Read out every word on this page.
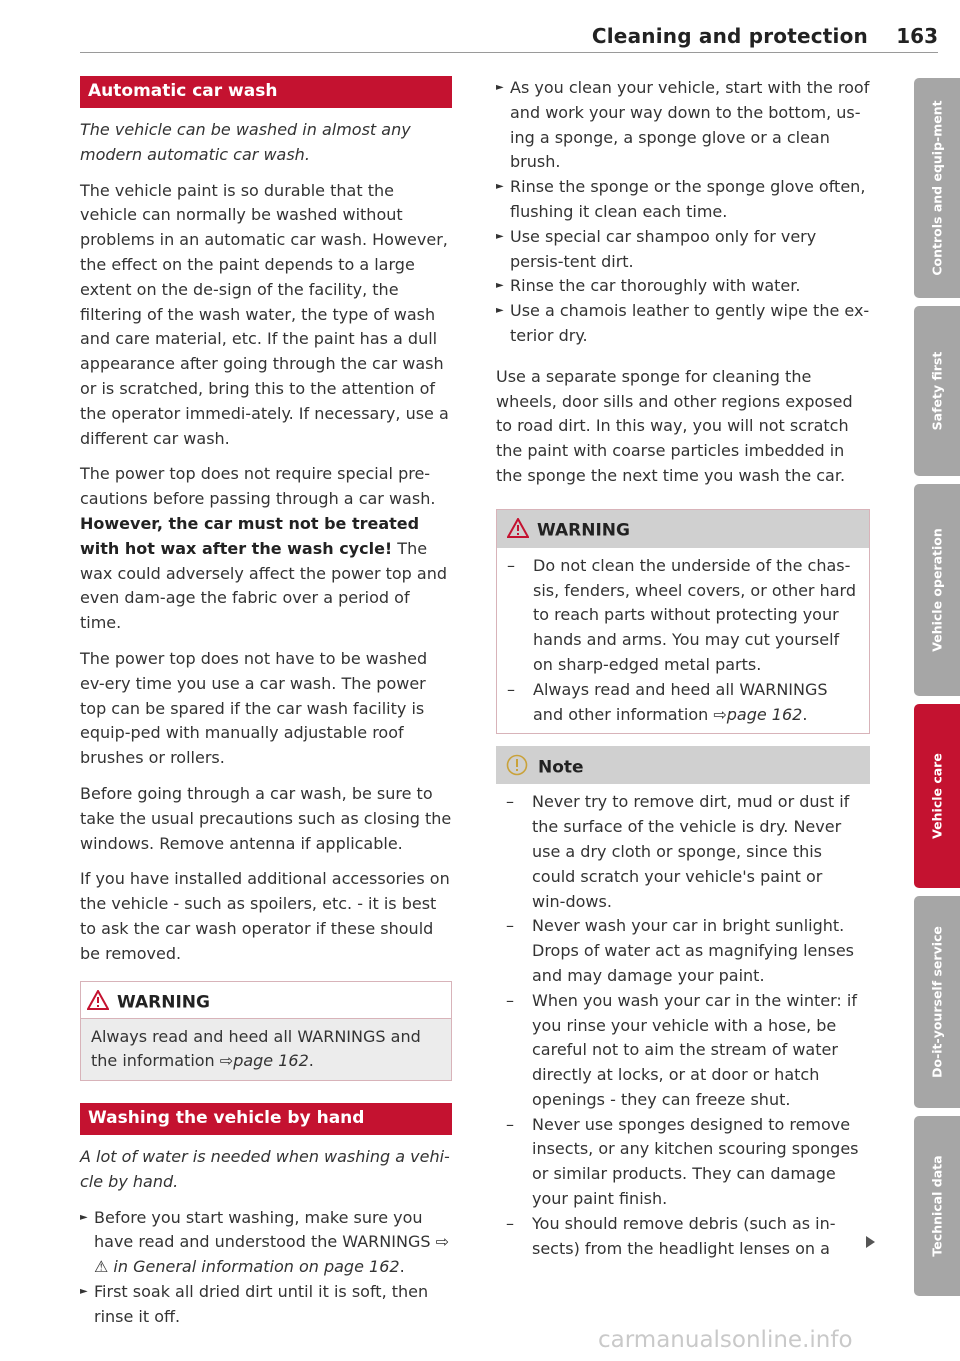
Cleaning and protection 163
Automatic car wash

The vehicle can be washed in almost any modern automatic car wash.

The vehicle paint is so durable that the vehicle can normally be washed without problems in an automatic car wash. However, the effect on the paint depends to a large extent on the de-sign of the facility, the filtering of the wash water, the type of wash and care material, etc. If the paint has a dull appearance after going through the car wash or is scratched, bring this to the attention of the operator immedi-ately. If necessary, use a different car wash.

The power top does not require special pre-cautions before passing through a car wash. However, the car must not be treated with hot wax after the wash cycle! The wax could adversely affect the power top and even dam-age the fabric over a period of time.

The power top does not have to be washed ev-ery time you use a car wash. The power top can be spared if the car wash facility is equip-ped with manually adjustable roof brushes or rollers.

Before going through a car wash, be sure to take the usual precautions such as closing the windows. Remove antenna if applicable.

If you have installed additional accessories on the vehicle - such as spoilers, etc. - it is best to ask the car wash operator if these should be removed.

WARNING
Always read and heed all WARNINGS and the information ⇨page 162.
Washing the vehicle by hand

A lot of water is needed when washing a vehi-cle by hand.

► Before you start washing, make sure you have read and understood the WARNINGS ⇨ ⚠ in General information on page 162.
► First soak all dried dirt until it is soft, then rinse it off.
► As you clean your vehicle, start with the roof and work your way down to the bottom, us-ing a sponge, a sponge glove or a clean brush.
► Rinse the sponge or the sponge glove often, flushing it clean each time.
► Use special car shampoo only for very persis-tent dirt.
► Rinse the car thoroughly with water.
► Use a chamois leather to gently wipe the ex-terior dry.

Use a separate sponge for cleaning the wheels, door sills and other regions exposed to road dirt. In this way, you will not scratch the paint with coarse particles imbedded in the sponge the next time you wash the car.

WARNING
– Do not clean the underside of the chas-sis, fenders, wheel covers, or other hard to reach parts without protecting your hands and arms. You may cut yourself on sharp-edged metal parts.
– Always read and heed all WARNINGS and other information ⇨page 162.
Note
– Never try to remove dirt, mud or dust if the surface of the vehicle is dry. Never use a dry cloth or sponge, since this could scratch your vehicle's paint or win-dows.
– Never wash your car in bright sunlight. Drops of water act as magnifying lenses and may damage your paint.
– When you wash your car in the winter: if you rinse your vehicle with a hose, be careful not to aim the stream of water directly at locks, or at door or hatch openings - they can freeze shut.
– Never use sponges designed to remove insects, or any kitchen scouring sponges or similar products. They can damage your paint finish.
– You should remove debris (such as in-sects) from the headlight lenses on a
Controls and equip-ment
Safety first
Vehicle operation
Vehicle care
Do-it-yourself service
Technical data
carmanualsonline.info
